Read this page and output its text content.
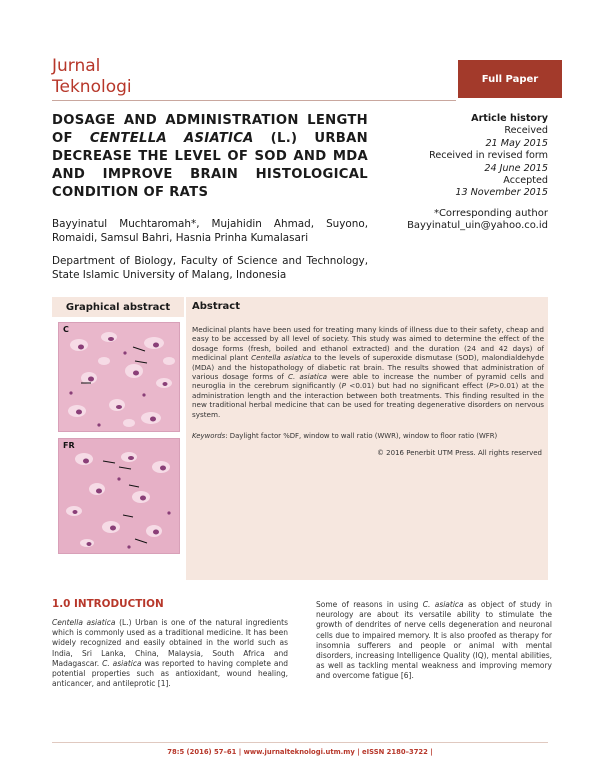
Jurnal
Teknologi	Full Paper
DOSAGE AND ADMINISTRATION LENGTH OF CENTELLA ASIATICA (L.) URBAN DECREASE THE LEVEL OF SOD AND MDA AND IMPROVE BRAIN HISTOLOGICAL CONDITION OF RATS
Article history
Received
21 May 2015
Received in revised form
24 June 2015
Accepted
13 November 2015
*Corresponding author
Bayyinatul_uin@yahoo.co.id
Bayyinatul Muchtaromah*, Mujahidin Ahmad, Suyono, Romaidi, Samsul Bahri, Hasnia Prinha Kumalasari
Department of Biology, Faculty of Science and Technology, State Islamic University of Malang, Indonesia
Graphical abstract
C
FR
Abstract
Medicinal plants have been used for treating many kinds of illness due to their safety, cheap and easy to be accessed by all level of society. This study was aimed to determine the effect of the dosage forms (fresh, boiled and ethanol extracted) and the duration (24 and 42 days) of medicinal plant Centella asiatica to the levels of superoxide dismutase (SOD), malondialdehyde (MDA) and the histopathology of diabetic rat brain. The results showed that administration of various dosage forms of C. asiatica were able to increase the number of pyramid cells and neuroglia in the cerebrum significantly (P <0.01) but had no significant effect (P>0.01) at the administration length and the interaction between both treatments. This finding resulted in the new traditional herbal medicine that can be used for treating degenerative disorders on nervous system.
Keywords: Daylight factor %DF, window to wall ratio (WWR), window to floor ratio (WFR)
© 2016 Penerbit UTM Press. All rights reserved
1.0 INTRODUCTION
Centella asiatica (L.) Urban is one of the natural ingredients which is commonly used as a traditional medicine. It has been widely recognized and easily obtained in the world such as India, Sri Lanka, China, Malaysia, South Africa and Madagascar. C. asiatica was reported to having complete and potential properties such as antioxidant, wound healing, anticancer, and antileprotic [1].
Some of reasons in using C. asiatica as object of study in neurology are about its versatile ability to stimulate the growth of dendrites of nerve cells degeneration and neuronal cells due to impaired memory. It is also proofed as therapy for insomnia sufferers and people or animal with mental disorders, increasing Intelligence Quality (IQ), mental abilities, as well as tackling mental weakness and improving memory and overcome fatigue [6].
78:5 (2016) 57–61 | www.jurnalteknologi.utm.my | eISSN 2180–3722 |
